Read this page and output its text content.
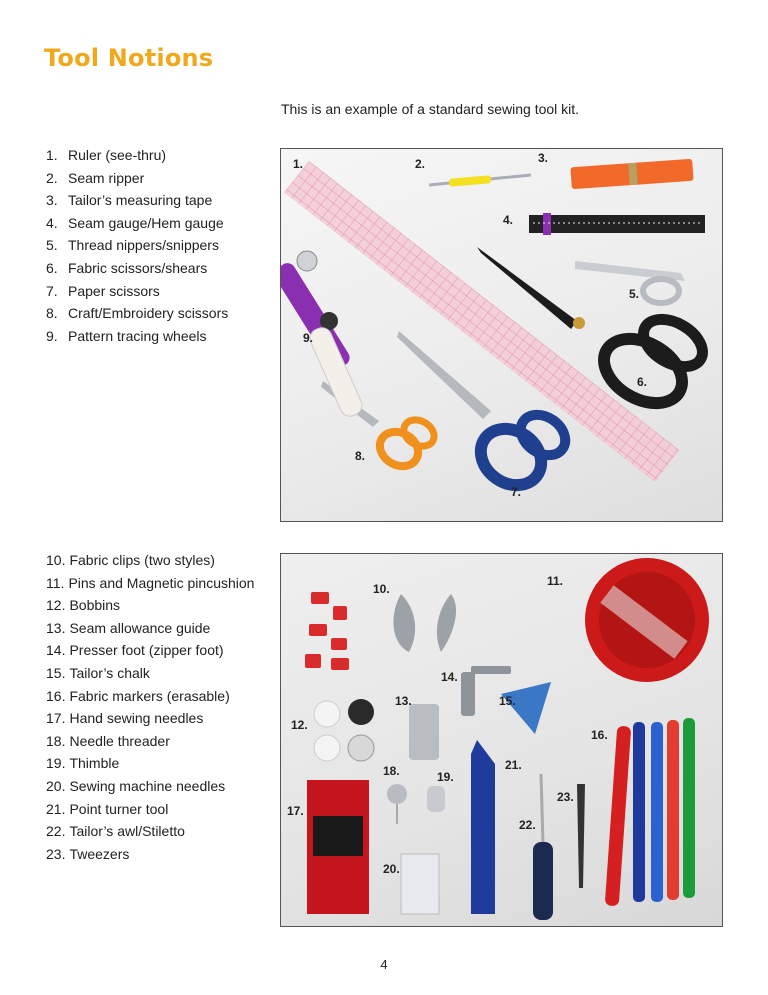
Tool Notions
This is an example of a standard sewing tool kit.
1. Ruler (see-thru)
2. Seam ripper
3. Tailor’s measuring tape
4. Seam gauge/Hem gauge
5. Thread nippers/snippers
6. Fabric scissors/shears
7. Paper scissors
8. Craft/Embroidery scissors
9. Pattern tracing wheels
1.	2.	3.
4.
5.
6.
7.
8.
9.
10. Fabric clips (two styles)
11. Pins and Magnetic pincushion
12. Bobbins
13. Seam allowance guide
14. Presser foot (zipper foot)
15. Tailor’s chalk
16. Fabric markers (erasable)
17. Hand sewing needles
18. Needle threader
19. Thimble
20. Sewing machine needles
21. Point turner tool
22. Tailor’s awl/Stiletto
23. Tweezers
10.
11.
12.
13.
14.
15.
16.
17.
18.	19.
20.
21.
22.
23.
4
